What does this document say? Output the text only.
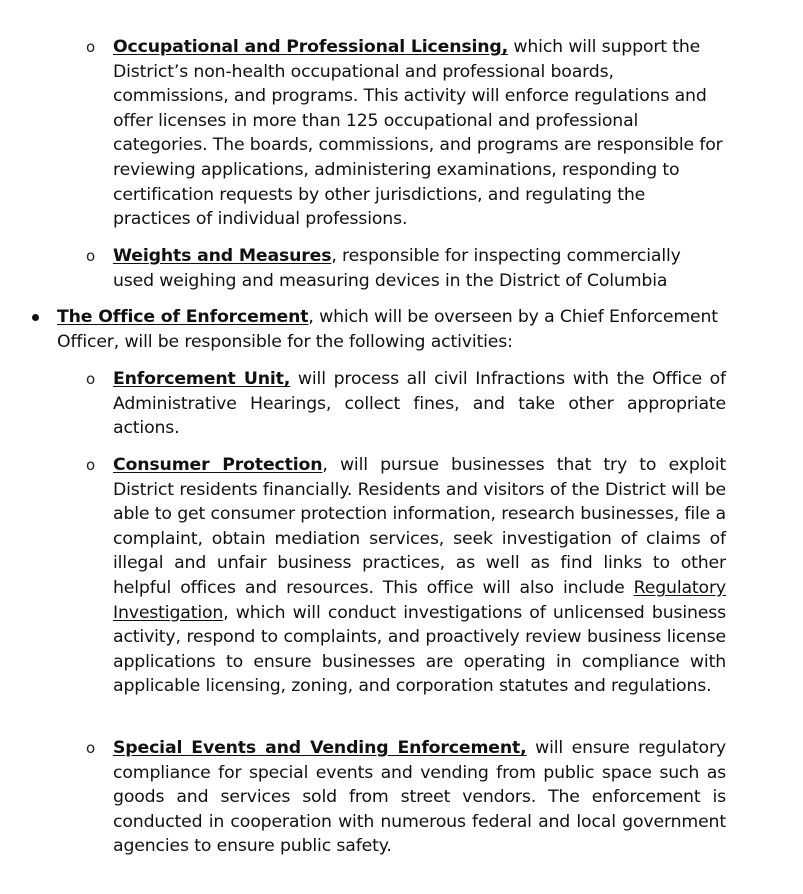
o Occupational and Professional Licensing, which will support the District’s non-health occupational and professional boards, commissions, and programs. This activity will enforce regulations and offer licenses in more than 125 occupational and professional categories. The boards, commissions, and programs are responsible for reviewing applications, administering examinations, responding to certification requests by other jurisdictions, and regulating the practices of individual professions.

o Weights and Measures, responsible for inspecting commercially used weighing and measuring devices in the District of Columbia

The Office of Enforcement, which will be overseen by a Chief Enforcement Officer, will be responsible for the following activities:

o Enforcement Unit, will process all civil Infractions with the Office of Administrative Hearings, collect fines, and take other appropriate actions.

o Consumer Protection, will pursue businesses that try to exploit District residents financially. Residents and visitors of the District will be able to get consumer protection information, research businesses, file a complaint, obtain mediation services, seek investigation of claims of illegal and unfair business practices, as well as find links to other helpful offices and resources. This office will also include Regulatory Investigation, which will conduct investigations of unlicensed business activity, respond to complaints, and proactively review business license applications to ensure businesses are operating in compliance with applicable licensing, zoning, and corporation statutes and regulations.

o Special Events and Vending Enforcement, will ensure regulatory compliance for special events and vending from public space such as goods and services sold from street vendors. The enforcement is conducted in cooperation with numerous federal and local government agencies to ensure public safety.
